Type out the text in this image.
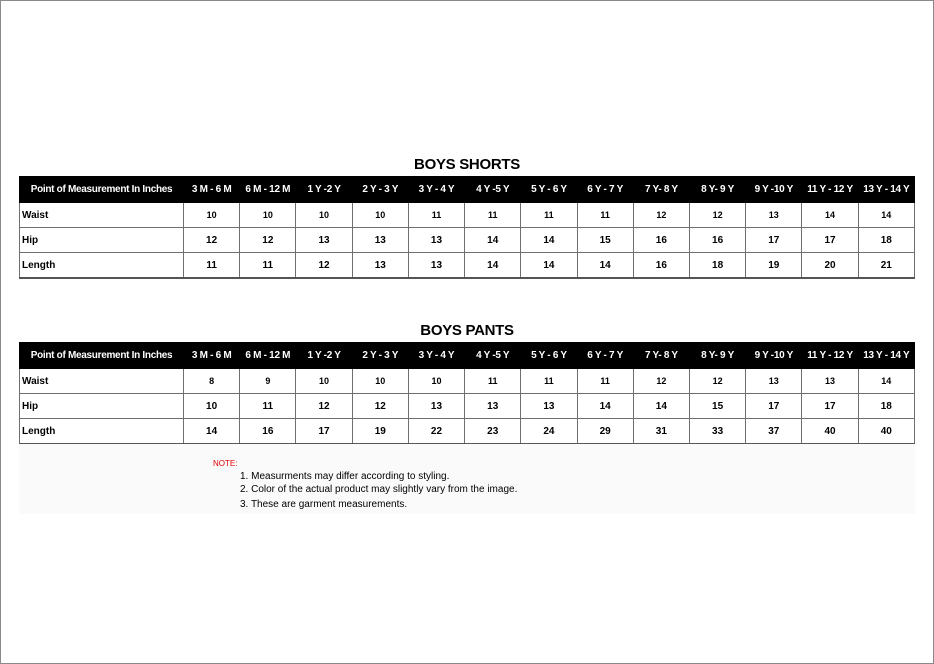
BOYS SHORTS
Point of Measurement In Inches	3 M - 6 M	6 M - 12 M	1 Y -2 Y	2 Y - 3 Y	3 Y - 4 Y	4 Y -5 Y	5 Y - 6 Y	6 Y - 7 Y	7 Y- 8 Y	8 Y- 9 Y	9 Y -10 Y	11 Y - 12 Y	13 Y - 14 Y
Waist	10	10	10	10	11	11	11	11	12	12	13	14	14
Hip	12	12	13	13	13	14	14	15	16	16	17	17	18
Length	11	11	12	13	13	14	14	14	16	18	19	20	21
BOYS PANTS
Point of Measurement In Inches	3 M - 6 M	6 M - 12 M	1 Y -2 Y	2 Y - 3 Y	3 Y - 4 Y	4 Y -5 Y	5 Y - 6 Y	6 Y - 7 Y	7 Y- 8 Y	8 Y- 9 Y	9 Y -10 Y	11 Y - 12 Y	13 Y - 14 Y
Waist	8	9	10	10	10	11	11	11	12	12	13	13	14
Hip	10	11	12	12	13	13	13	14	14	15	17	17	18
Length	14	16	17	19	22	23	24	29	31	33	37	40	40
NOTE:
1. Measurments may differ according to styling.
2. Color of the actual product may slightly vary from the image.
3. These are garment measurements.
